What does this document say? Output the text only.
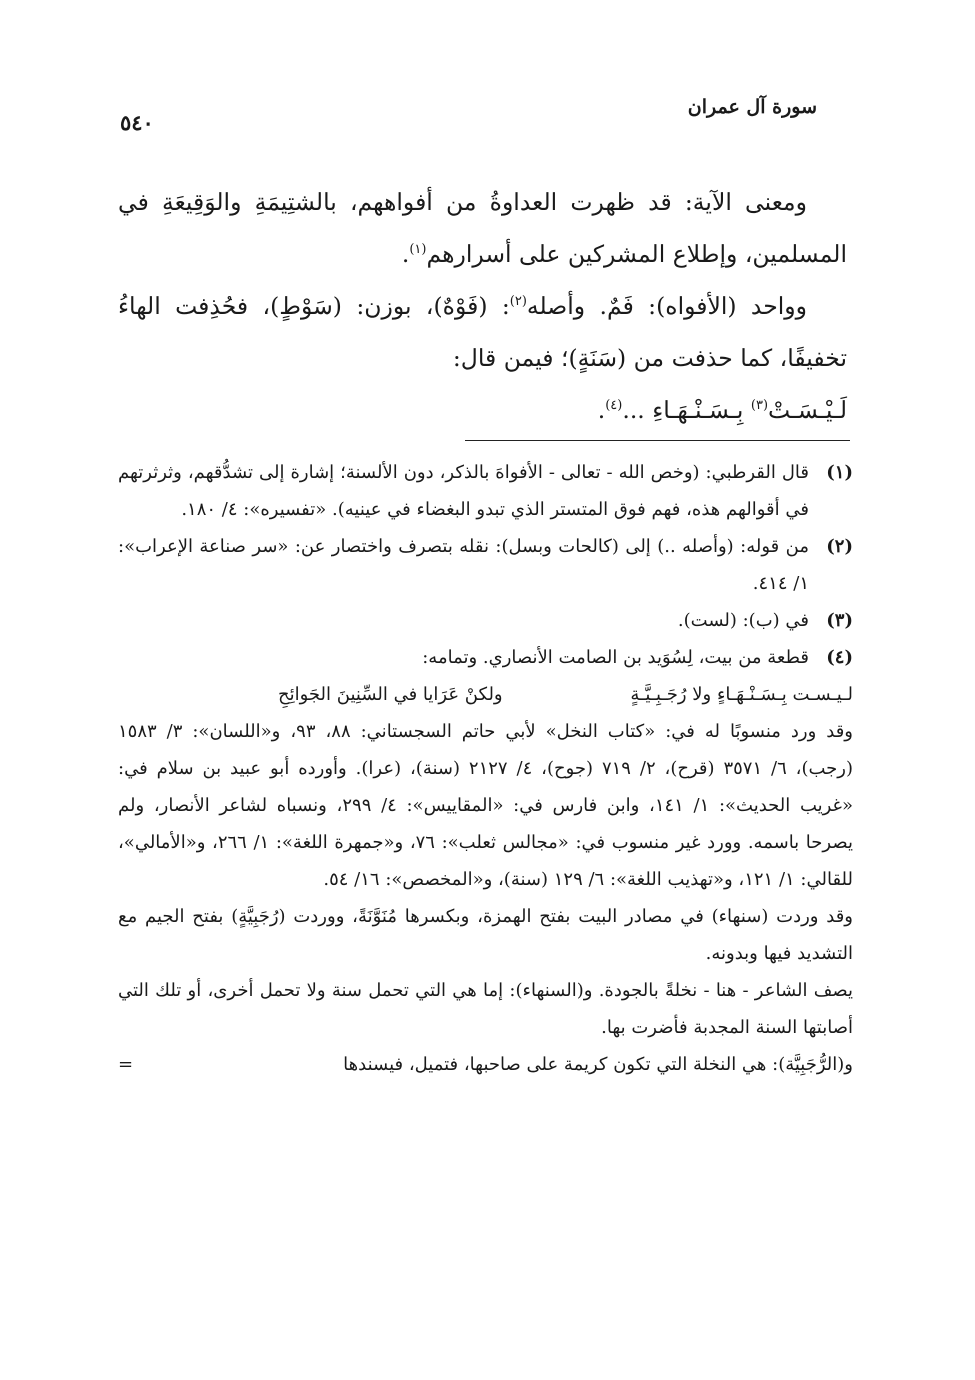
سورة آل عمران
٥٤٠

ومعنى الآية: قد ظهرت العداوةُ من أفواههم، بالشتِيمَةِ والوَقِيعَةِ في المسلمين، وإطلاع المشركين على أسرارهم$^{(١)}$.

وواحد (الأفواه): فَمٌ. وأصله$^{(٢)}$: (فَوْهٌ)، بوزن: (سَوْطٍ)، فحُذِفت الهاءُ تخفيفًا، كما حذفت من (سَنَةٍ)؛ فيمن قال:

لَـيْـسَـتْ$^{(٣)}$ بِـسَـنْـهَـاءِ ...$^{(٤)}$.

(١)

قال القرطبي: (وخص الله - تعالى - الأفواهَ بالذكر، دون الألسنة؛ إشارة إلى تشدُّقهم، وثرثرتهم في أقوالهم هذه، فهم فوق المتستر الذي تبدو البغضاء في عينيه). «تفسيره»: ٤/ ١٨٠.

(٢)

من قوله: (وأصله ..) إلى (كالحات وبسل): نقله بتصرف واختصار عن: «سر صناعة الإعراب»: ١/ ٤١٤.

(٣)

في (ب): (لست).

(٤)

قطعة من بيت، لِسُوَيد بن الصامت الأنصاري. وتمامه:

لـيـسـت بِـسَـنْـهَـاءٍ ولا رُجَـبِـيَّـةٍ
ولكنْ عَرَايا في السِّنِينَ الجَوائِحِ

وقد ورد منسوبًا له في: «كتاب النخل» لأبي حاتم السجستاني: ٨٨، ٩٣، و«اللسان»: ٣/ ١٥٨٣ (رجب)، ٦/ ٣٥٧١ (قرح)، ٢/ ٧١٩ (جوح)، ٤/ ٢١٢٧ (سنة)، (عرا). وأورده أبو عبيد بن سلام في: «غريب الحديث»: ١/ ١٤١، وابن فارس في: «المقاييس»: ٤/ ٢٩٩، ونسباه لشاعر الأنصار، ولم يصرحا باسمه. وورد غير منسوب في: «مجالس ثعلب»: ٧٦، و«جمهرة اللغة»: ١/ ٢٦٦، و«الأمالي»، للقالي: ١/ ١٢١، و«تهذيب اللغة»: ٦/ ١٢٩ (سنة)، و«المخصص»: ١٦/ ٥٤.

وقد وردت (سنهاء) في مصادر البيت بفتح الهمزة، وبكسرها مُنَوَّنَةً، ووردت (رُجَبِيَّةٍ) بفتح الجيم مع التشديد فيها وبدونه.

يصف الشاعر - هنا - نخلةً بالجودة. و(السنهاء): إما هي التي تحمل سنة ولا تحمل أخرى، أو تلك التي أصابتها السنة المجدبة فأضرت بها.

و(الرُّجَبِيَّة): هي النخلة التي تكون كريمة على صاحبها، فتميل، فيسندها
=
